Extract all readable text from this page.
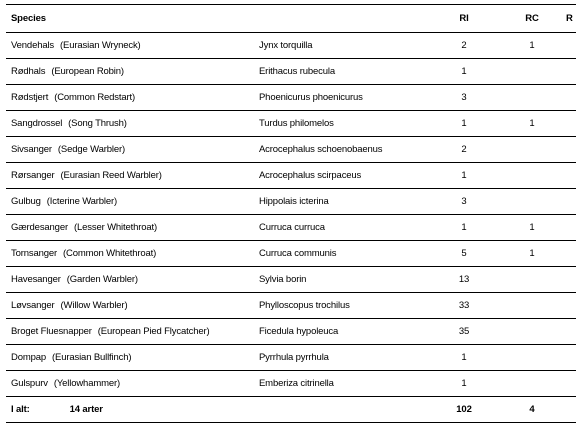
Species		RI	RC	R
Vendehals (Eurasian Wryneck)	Jynx torquilla	2	1	
Rødhals (European Robin)	Erithacus rubecula	1		
Rødstjert (Common Redstart)	Phoenicurus phoenicurus	3		
Sangdrossel (Song Thrush)	Turdus philomelos	1	1	
Sivsanger (Sedge Warbler)	Acrocephalus schoenobaenus	2		
Rørsanger (Eurasian Reed Warbler)	Acrocephalus scirpaceus	1		
Gulbug (Icterine Warbler)	Hippolais icterina	3		
Gærdesanger (Lesser Whitethroat)	Curruca curruca	1	1	
Tornsanger (Common Whitethroat)	Curruca communis	5	1	
Havesanger (Garden Warbler)	Sylvia borin	13		
Løvsanger (Willow Warbler)	Phylloscopus trochilus	33		
Broget Fluesnapper (European Pied Flycatcher)	Ficedula hypoleuca	35		
Dompap (Eurasian Bullfinch)	Pyrrhula pyrrhula	1		
Gulspurv (Yellowhammer)	Emberiza citrinella	1		
I alt: 14 arter		102	4	
